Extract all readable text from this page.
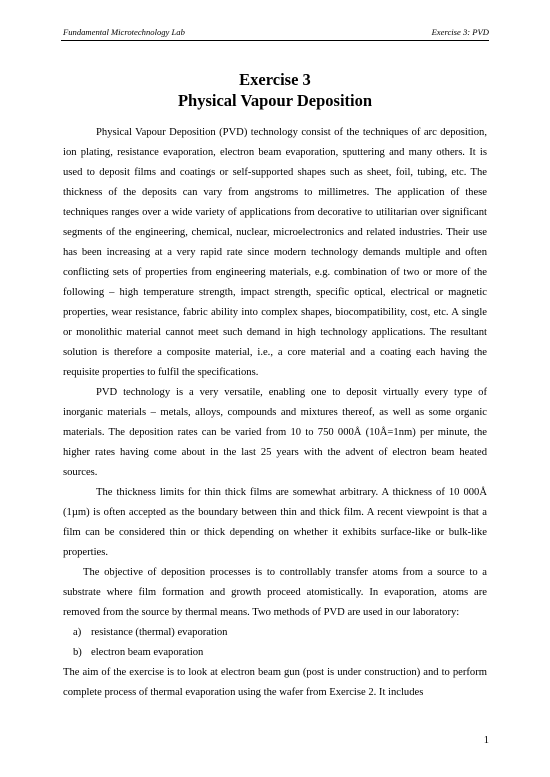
Fundamental Microtechnology Lab	Exercise 3: PVD
Exercise 3
Physical Vapour Deposition

Physical Vapour Deposition (PVD) technology consist of the techniques of arc deposition, ion plating, resistance evaporation, electron beam evaporation, sputtering and many others. It is used to deposit films and coatings or self-supported shapes such as sheet, foil, tubing, etc. The thickness of the deposits can vary from angstroms to millimetres. The application of these techniques ranges over a wide variety of applications from decorative to utilitarian over significant segments of the engineering, chemical, nuclear, microelectronics and related industries. Their use has been increasing at a very rapid rate since modern technology demands multiple and often conflicting sets of properties from engineering materials, e.g. combination of two or more of the following – high temperature strength, impact strength, specific optical, electrical or magnetic properties, wear resistance, fabric ability into complex shapes, biocompatibility, cost, etc. A single or monolithic material cannot meet such demand in high technology applications. The resultant solution is therefore a composite material, i.e., a core material and a coating each having the requisite properties to fulfil the specifications.

PVD technology is a very versatile, enabling one to deposit virtually every type of inorganic materials – metals, alloys, compounds and mixtures thereof, as well as some organic materials. The deposition rates can be varied from 10 to 750 000Å (10Å=1nm) per minute, the higher rates having come about in the last 25 years with the advent of electron beam heated sources.

The thickness limits for thin thick films are somewhat arbitrary. A thickness of 10 000Å (1µm) is often accepted as the boundary between thin and thick film. A recent viewpoint is that a film can be considered thin or thick depending on whether it exhibits surface-like or bulk-like properties.

The objective of deposition processes is to controllably transfer atoms from a source to a substrate where film formation and growth proceed atomistically. In evaporation, atoms are removed from the source by thermal means. Two methods of PVD are used in our laboratory:

a) resistance (thermal) evaporation
b) electron beam evaporation

The aim of the exercise is to look at electron beam gun (post is under construction) and to perform complete process of thermal evaporation using the wafer from Exercise 2. It includes

1
